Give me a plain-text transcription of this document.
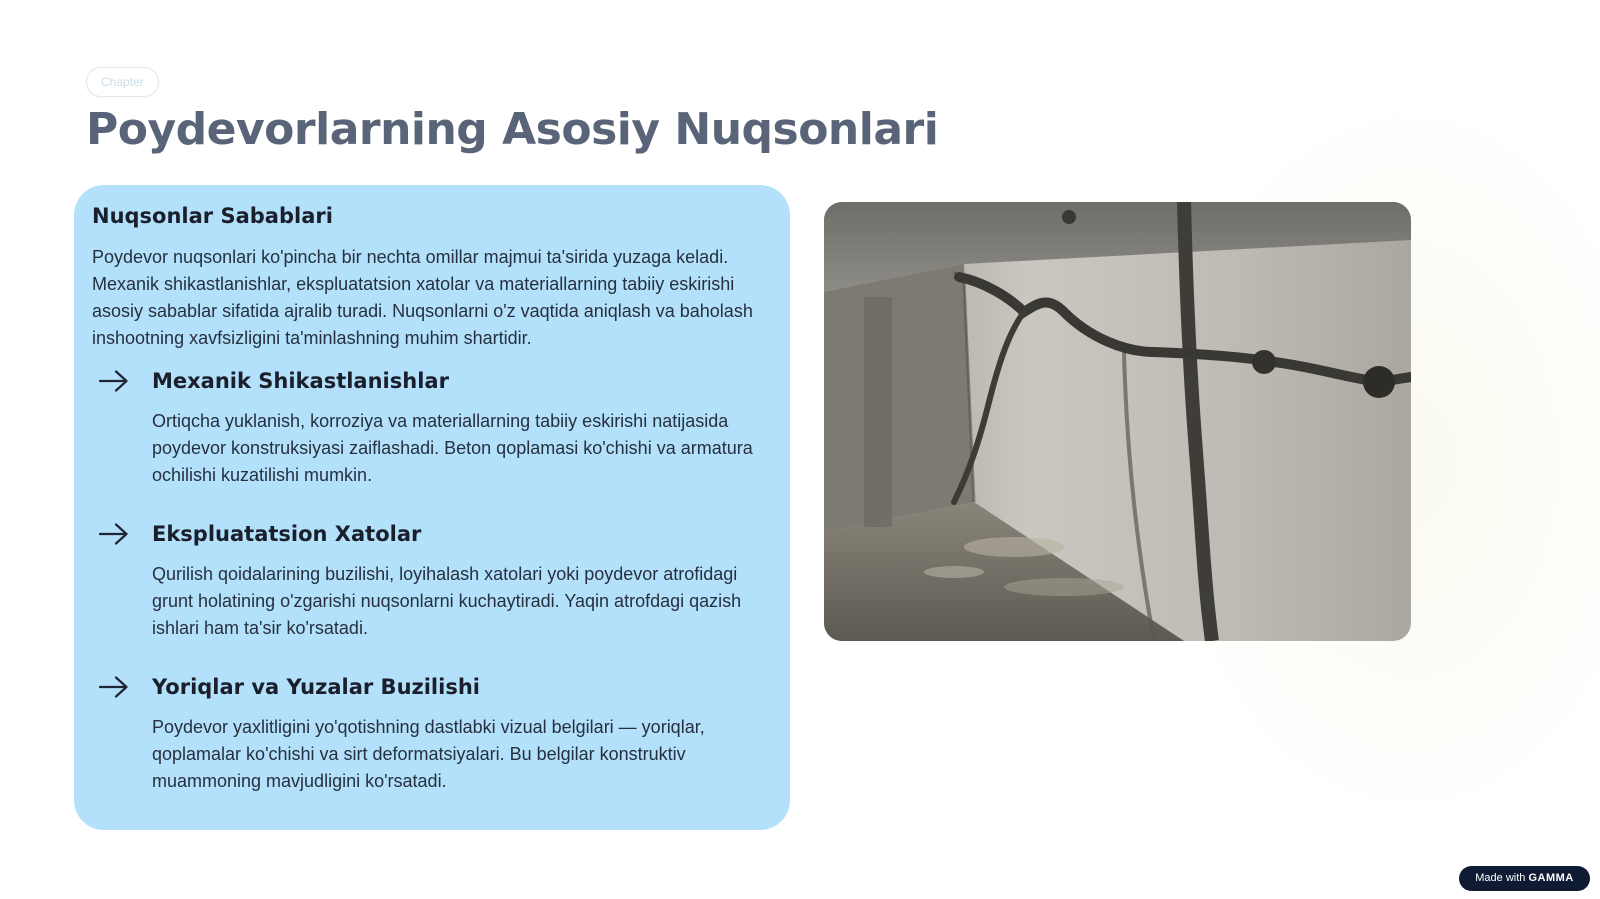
Chapter
Poydevorlarning Asosiy Nuqsonlari
Nuqsonlar Sabablari

Poydevor nuqsonlari ko'pincha bir nechta omillar majmui ta'sirida yuzaga keladi. Mexanik shikastlanishlar, ekspluatatsion xatolar va materiallarning tabiiy eskirishi asosiy sabablar sifatida ajralib turadi. Nuqsonlarni o'z vaqtida aniqlash va baholash inshootning xavfsizligini ta'minlashning muhim shartidir.

Mexanik Shikastlanishlar

Ortiqcha yuklanish, korroziya va materiallarning tabiiy eskirishi natijasida poydevor konstruksiyasi zaiflashadi. Beton qoplamasi ko'chishi va armatura ochilishi kuzatilishi mumkin.

Ekspluatatsion Xatolar

Qurilish qoidalarining buzilishi, loyihalash xatolari yoki poydevor atrofidagi grunt holatining o'zgarishi nuqsonlarni kuchaytiradi. Yaqin atrofdagi qazish ishlari ham ta'sir ko'rsatadi.

Yoriqlar va Yuzalar Buzilishi

Poydevor yaxlitligini yo'qotishning dastlabki vizual belgilari — yoriqlar, qoplamalar ko'chishi va sirt deformatsiyalari. Bu belgilar konstruktiv muammoning mavjudligini ko'rsatadi.

Made with GAMMA
